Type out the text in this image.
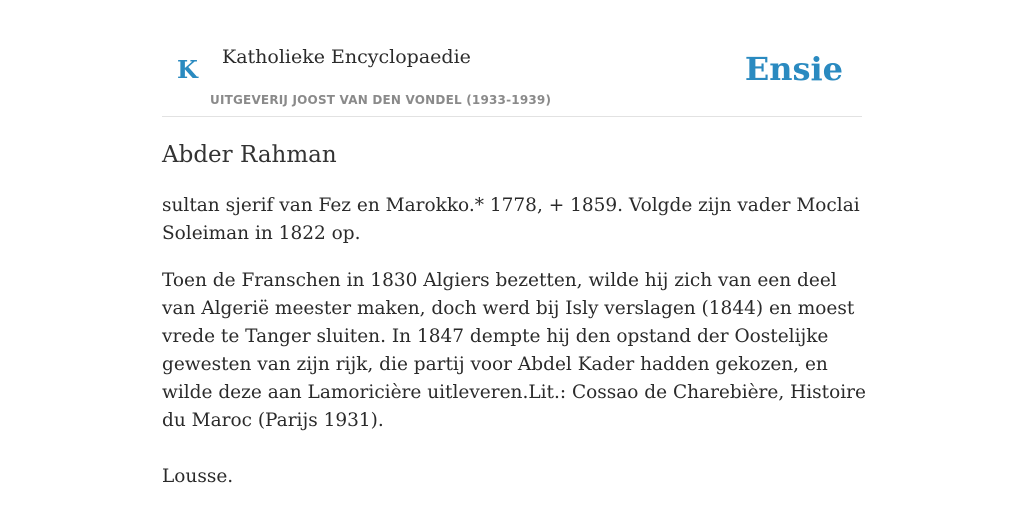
K Katholieke Encyclopaedie
UITGEVERIJ JOOST VAN DEN VONDEL (1933-1939)
Ensie
Abder Rahman

sultan sjerif van Fez en Marokko.* 1778, + 1859. Volgde zijn vader Moclai Soleiman in 1822 op.

Toen de Franschen in 1830 Algiers bezetten, wilde hij zich van een deel van Algerië meester maken, doch werd bij Isly verslagen (1844) en moest vrede te Tanger sluiten. In 1847 dempte hij den opstand der Oostelijke gewesten van zijn rijk, die partij voor Abdel Kader hadden gekozen, en wilde deze aan Lamoricière uitleveren.Lit.: Cossao de Charebière, Histoire du Maroc (Parijs 1931).

Lousse.
